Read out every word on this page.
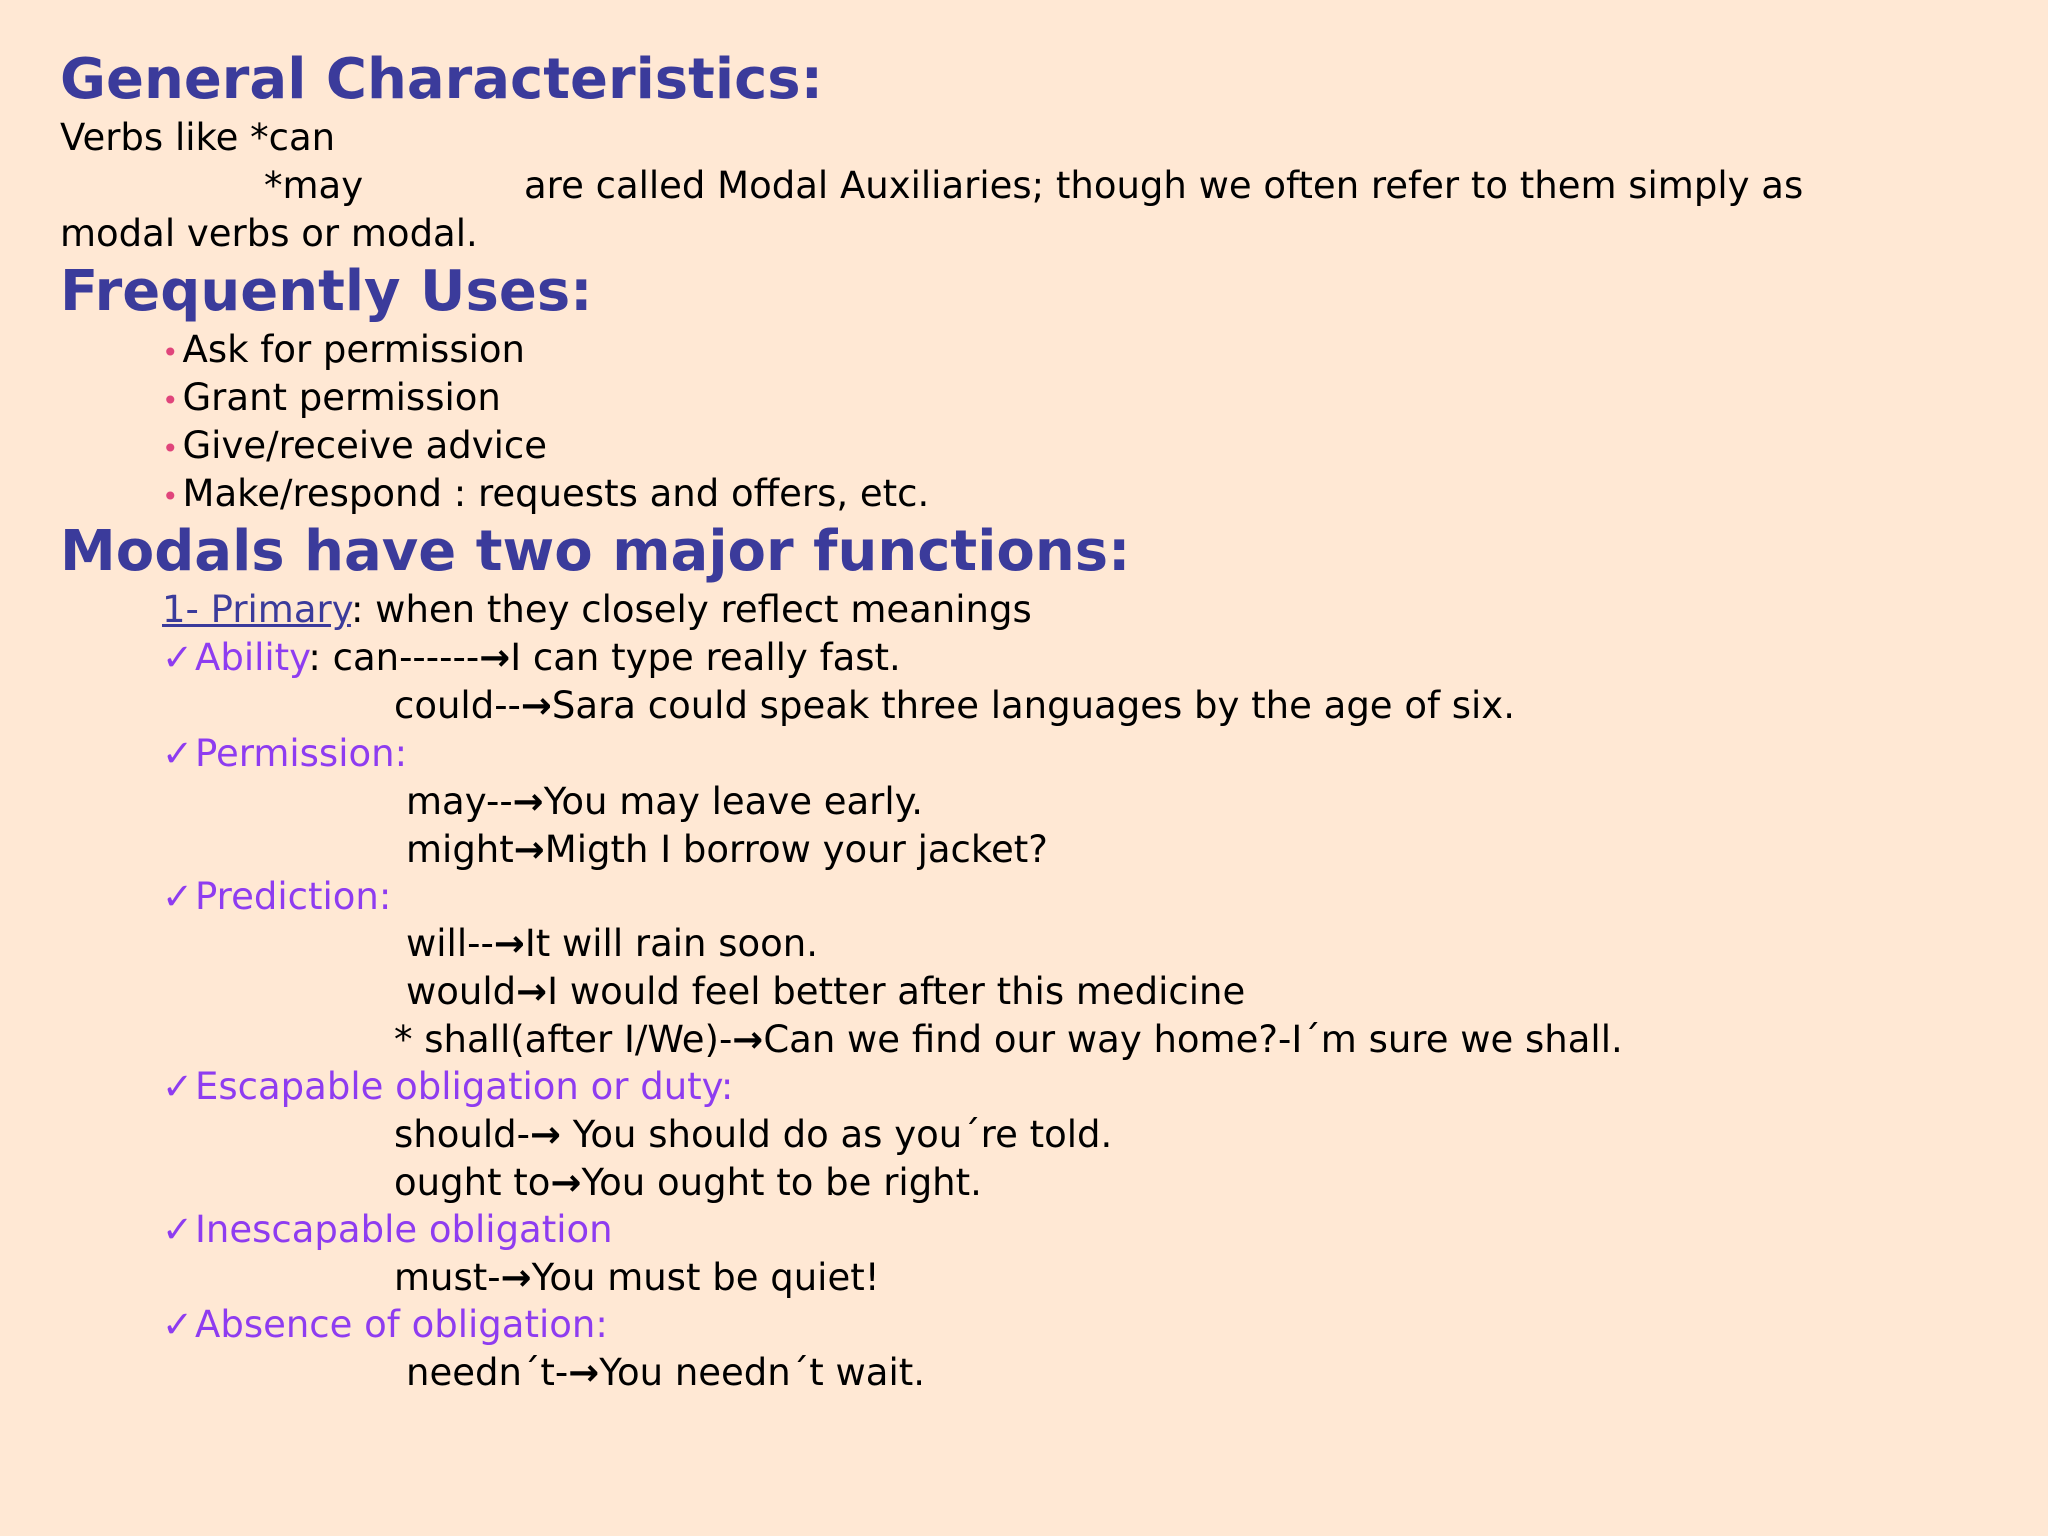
General Characteristics:
Verbs like *can
*may	are called Modal Auxiliaries; though we often refer to them simply as
modal verbs or modal.
Frequently Uses:
• Ask for permission
• Grant permission
• Give/receive advice
• Make/respond : requests and offers, etc.
Modals have two major functions:
1- Primary: when they closely reflect meanings
✓Ability: can------→I can type really fast.
could--→Sara could speak three languages by the age of six.
✓Permission:
may--→You may leave early.
might→Migth I borrow your jacket?
✓Prediction:
will--→It will rain soon.
would→I would feel better after this medicine
* shall(after I/We)-→Can we find our way home?-I´m sure we shall.
✓Escapable obligation or duty:
should-→ You should do as you´re told.
ought to→You ought to be right.
✓Inescapable obligation
must-→You must be quiet!
✓Absence of obligation:
needn´t-→You needn´t wait.
